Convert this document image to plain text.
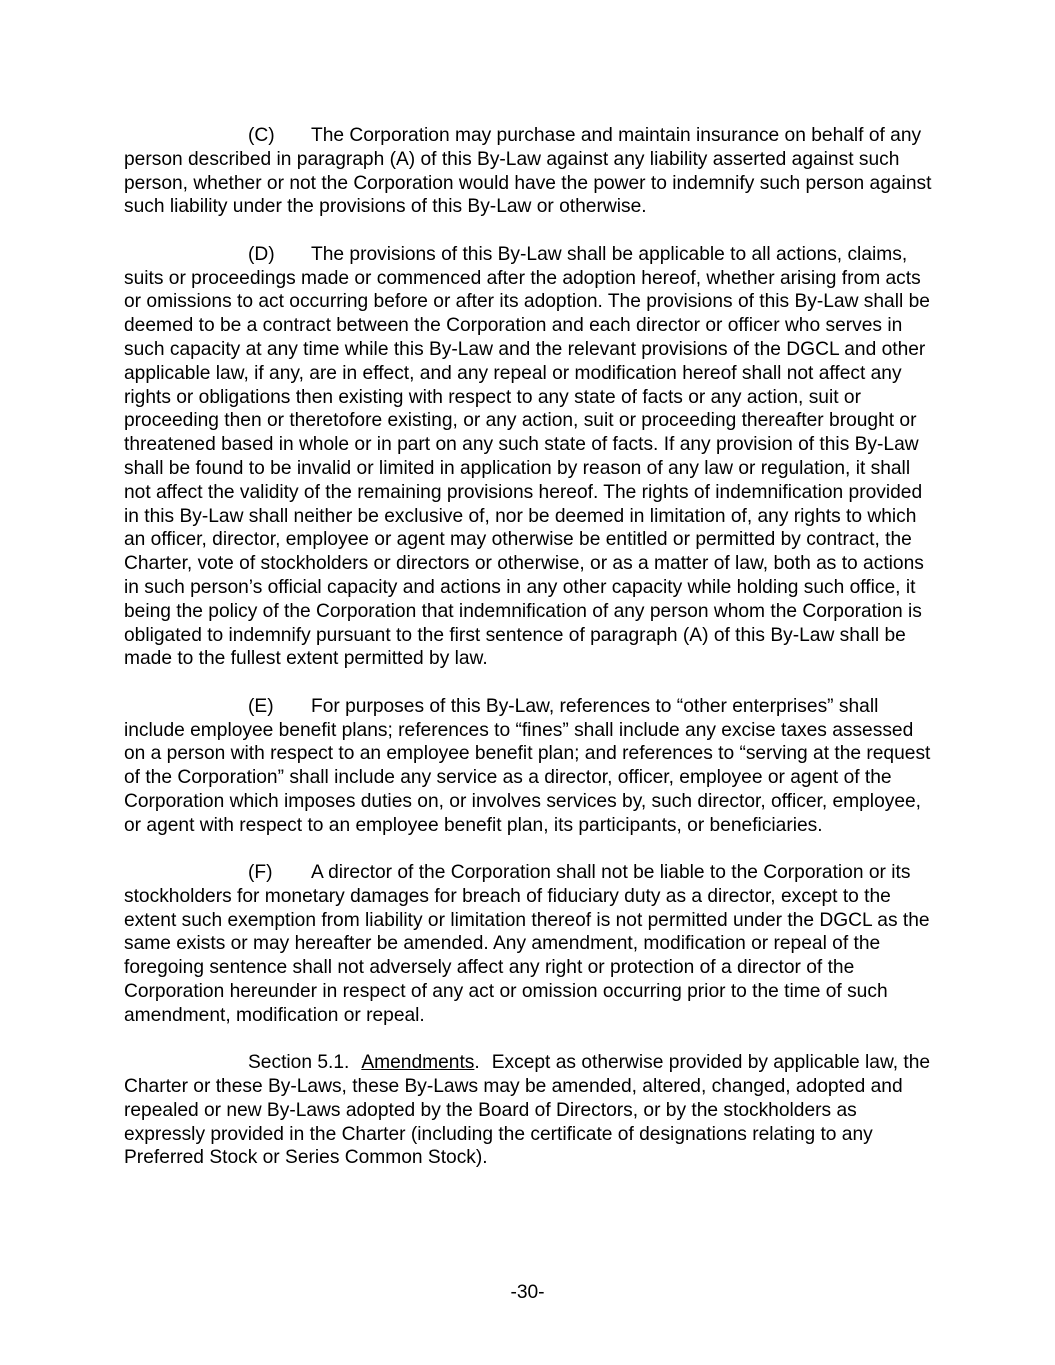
(C) The Corporation may purchase and maintain insurance on behalf of any person described in paragraph (A) of this By-Law against any liability asserted against such person, whether or not the Corporation would have the power to indemnify such person against such liability under the provisions of this By-Law or otherwise.

(D) The provisions of this By-Law shall be applicable to all actions, claims, suits or proceedings made or commenced after the adoption hereof, whether arising from acts or omissions to act occurring before or after its adoption. The provisions of this By-Law shall be deemed to be a contract between the Corporation and each director or officer who serves in such capacity at any time while this By-Law and the relevant provisions of the DGCL and other applicable law, if any, are in effect, and any repeal or modification hereof shall not affect any rights or obligations then existing with respect to any state of facts or any action, suit or proceeding then or theretofore existing, or any action, suit or proceeding thereafter brought or threatened based in whole or in part on any such state of facts. If any provision of this By-Law shall be found to be invalid or limited in application by reason of any law or regulation, it shall not affect the validity of the remaining provisions hereof. The rights of indemnification provided in this By-Law shall neither be exclusive of, nor be deemed in limitation of, any rights to which an officer, director, employee or agent may otherwise be entitled or permitted by contract, the Charter, vote of stockholders or directors or otherwise, or as a matter of law, both as to actions in such person’s official capacity and actions in any other capacity while holding such office, it being the policy of the Corporation that indemnification of any person whom the Corporation is obligated to indemnify pursuant to the first sentence of paragraph (A) of this By-Law shall be made to the fullest extent permitted by law.

(E) For purposes of this By-Law, references to “other enterprises” shall include employee benefit plans; references to “fines” shall include any excise taxes assessed on a person with respect to an employee benefit plan; and references to “serving at the request of the Corporation” shall include any service as a director, officer, employee or agent of the Corporation which imposes duties on, or involves services by, such director, officer, employee, or agent with respect to an employee benefit plan, its participants, or beneficiaries.

(F) A director of the Corporation shall not be liable to the Corporation or its stockholders for monetary damages for breach of fiduciary duty as a director, except to the extent such exemption from liability or limitation thereof is not permitted under the DGCL as the same exists or may hereafter be amended. Any amendment, modification or repeal of the foregoing sentence shall not adversely affect any right or protection of a director of the Corporation hereunder in respect of any act or omission occurring prior to the time of such amendment, modification or repeal.

Section 5.1. Amendments. Except as otherwise provided by applicable law, the Charter or these By-Laws, these By-Laws may be amended, altered, changed, adopted and repealed or new By-Laws adopted by the Board of Directors, or by the stockholders as expressly provided in the Charter (including the certificate of designations relating to any Preferred Stock or Series Common Stock).

-30-
